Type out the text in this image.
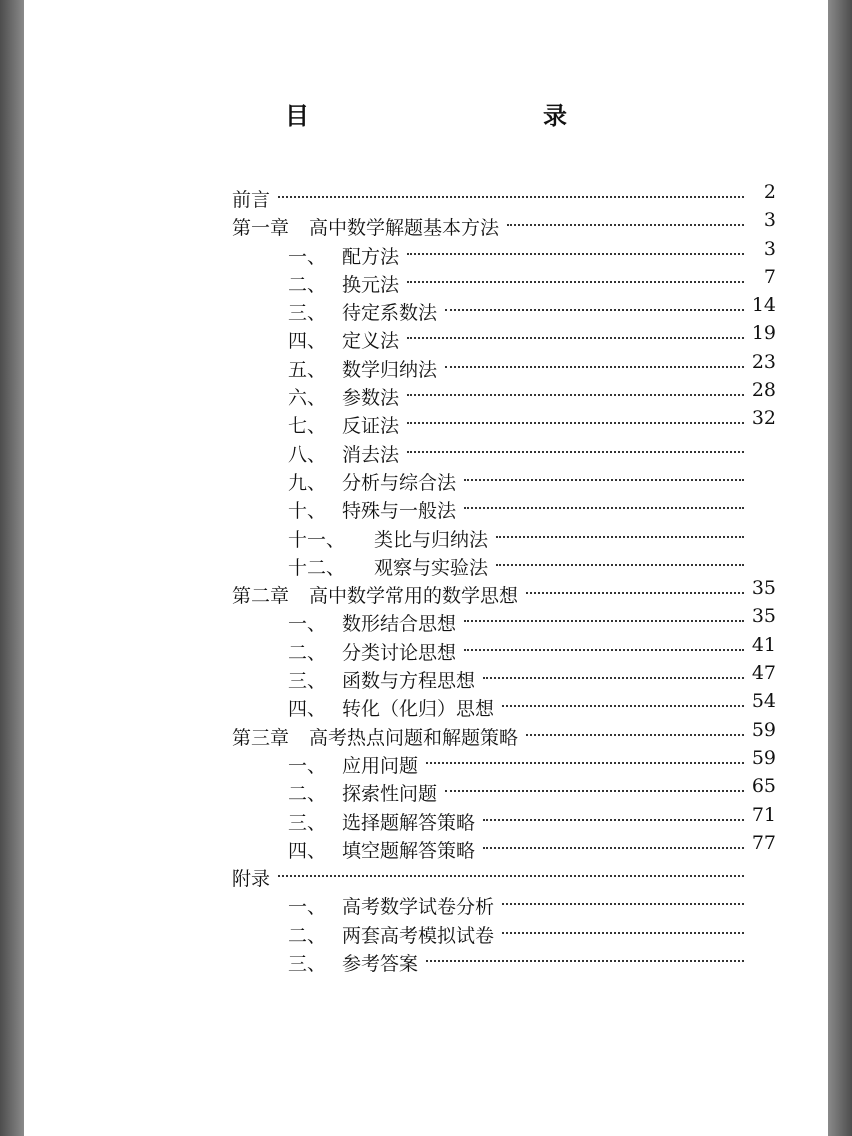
目　　录
前言	2
第一章	高中数学解题基本方法	3
一、 配方法	3
二、 换元法	7
三、 待定系数法	14
四、 定义法	19
五、 数学归纳法	23
六、 参数法	28
七、 反证法	32
八、 消去法
九、 分析与综合法
十、 特殊与一般法
十一、	类比与归纳法
十二、	观察与实验法
第二章	高中数学常用的数学思想	35
一、 数形结合思想	35
二、 分类讨论思想	41
三、 函数与方程思想	47
四、 转化（化归）思想	54
第三章	高考热点问题和解题策略	59
一、 应用问题	59
二、 探索性问题	65
三、 选择题解答策略	71
四、 填空题解答策略	77
附录
一、 高考数学试卷分析
二、 两套高考模拟试卷
三、 参考答案
